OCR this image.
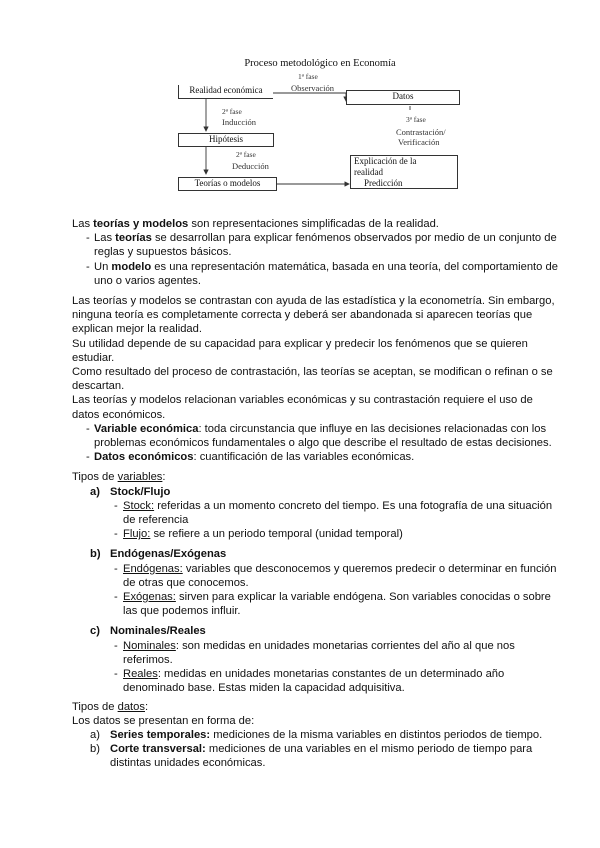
Proceso metodológico en Economía
Realidad económica
Datos
Hipótesis
Teorías o modelos
Explicación de la
realidad
Predicción
1ª fase
Observación
2ª fase
Inducción
2ª fase
Deducción
3ª fase
Contrastación/
Verificación

Las teorías y modelos son representaciones simplificadas de la realidad.

- Las teorías se desarrollan para explicar fenómenos observados por medio de un conjunto de reglas y supuestos básicos.
- Un modelo es una representación matemática, basada en una teoría, del comportamiento de uno o varios agentes.

Las teorías y modelos se contrastan con ayuda de las estadística y la econometría. Sin embargo, ninguna teoría es completamente correcta y deberá ser abandonada si aparecen teorías que explican mejor la realidad.

Su utilidad depende de su capacidad para explicar y predecir los fenómenos que se quieren estudiar.

Como resultado del proceso de contrastación, las teorías se aceptan, se modifican o refinan o se descartan.

Las teorías y modelos relacionan variables económicas y su contrastación requiere el uso de datos económicos.

- Variable económica: toda circunstancia que influye en las decisiones relacionadas con los problemas económicos fundamentales o algo que describe el resultado de estas decisiones.
- Datos económicos: cuantificación de las variables económicas.

Tipos de variables:

a) Stock/Flujo
- Stock: referidas a un momento concreto del tiempo. Es una fotografía de una situación de referencia
- Flujo: se refiere a un periodo temporal (unidad temporal)
b) Endógenas/Exógenas
- Endógenas: variables que desconocemos y queremos predecir o determinar en función de otras que conocemos.
- Exógenas: sirven para explicar la variable endógena. Son variables conocidas o sobre las que podemos influir.
c) Nominales/Reales
- Nominales: son medidas en unidades monetarias corrientes del año al que nos referimos.
- Reales: medidas en unidades monetarias constantes de un determinado año denominado base. Estas miden la capacidad adquisitiva.

Tipos de datos:

Los datos se presentan en forma de:

a) Series temporales: mediciones de la misma variables en distintos periodos de tiempo.
b) Corte transversal: mediciones de una variables en el mismo periodo de tiempo para distintas unidades económicas.
